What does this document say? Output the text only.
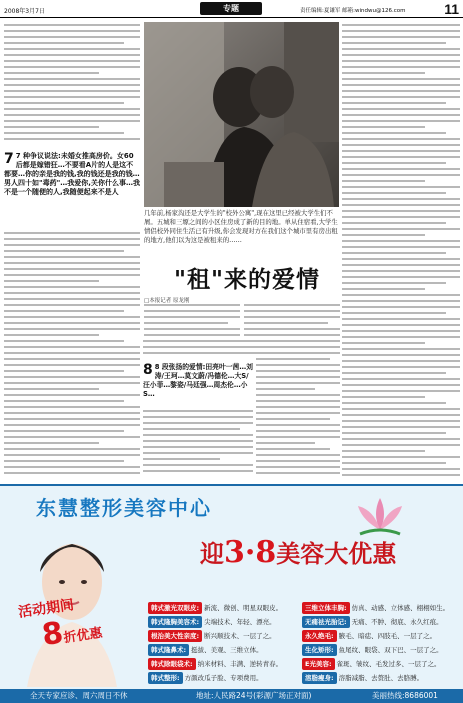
2008年3月7日	专题	责任编辑:夏谦军 邮箱:windwu@126.com	11
7 7 种争议说法:未婚女推高房价。女60后都是嫁错狂…不要看A片的人是这不都要…你的亲是我的钱,我的钱还是我的钱…男人四十如"毒药"…我爱你,关你什么事…我不是一个随便的人,我随便起来不是人
几年前,杨家沟还是大学生的"校外公寓",现在这里已经被大学生们不屑。五城和三塬之间的小区住房成了新的目的地。单从住宿看,大学生情侣校外同住生活已有升级,你会发现对方在我们这个城市里有房出租的地方,他们以为这是被租来的……
"租"来的爱情
□本报记者 原龙刚
8 8 段张扬的爱情:田亮叶一茜…刘涛/王珂…莫文蔚/冯德伦…大S/汪小菲…黎姿/马廷强…周杰伦…小S…
东慧整形美容中心
迎3·8美容大优惠
活动期间
8折优惠
韩式激光双眼皮: 新流、微创、明星双眼皮。
韩式隆胸美容术: 尖端技术、年轻、漂亮。
根治美大性亲度: 断兴顺技术、一层了之。
韩式隆鼻术: 挺拔、美观、三维立体。
韩式除眼袋术: 纳米材料、丰满、逆转青春。
韩式整形: 方颜改瓜子脸、专项费用。
三维立体丰胸: 仿真、动感、立体感、栩栩如生。
无痛祛光胎记: 无痛、不肿、彻底、永久红痕。
永久绝毛: 腋毛、暗痣、四肢毛、一层了之。
生化矫形: 鱼尾纹、眼袋、双下巴、一层了之。
E光美容: 雀斑、皱纹、毛发过多、一层了之。
溶脂瘦身: 溶脂减脂、去赘肚、去胳膊。
全天专家应诊、周六周日不休	地址:人民路24号(彩源广场正对面)	美丽热线:8686001
